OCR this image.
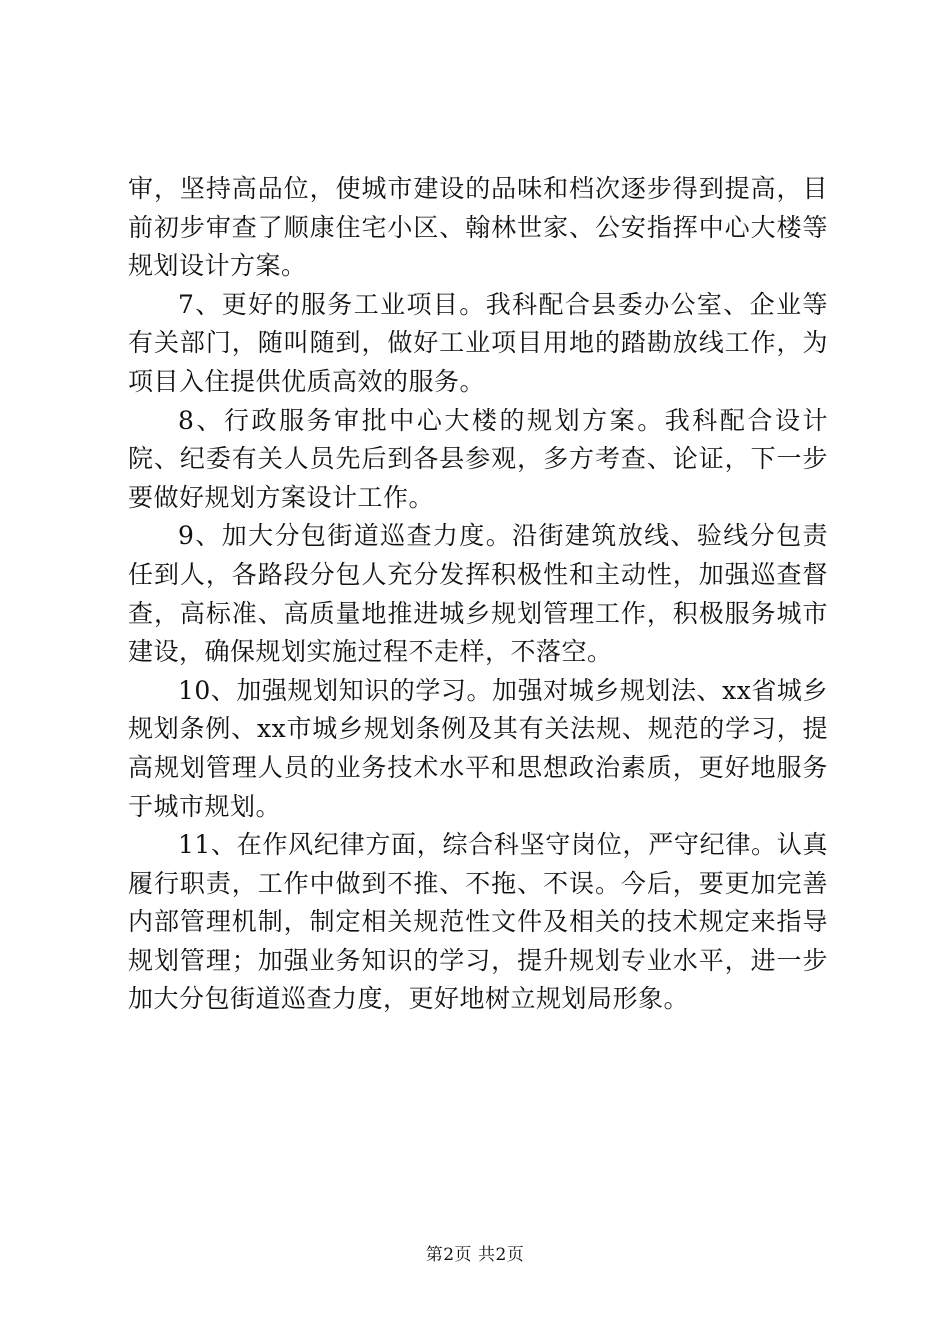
审，坚持高品位，使城市建设的品味和档次逐步得到提高，目前初步审查了顺康住宅小区、翰林世家、公安指挥中心大楼等规划设计方案。

7、更好的服务工业项目。我科配合县委办公室、企业等有关部门，随叫随到，做好工业项目用地的踏勘放线工作，为项目入住提供优质高效的服务。

8、行政服务审批中心大楼的规划方案。我科配合设计院、纪委有关人员先后到各县参观，多方考查、论证，下一步要做好规划方案设计工作。

9、加大分包街道巡查力度。沿街建筑放线、验线分包责任到人，各路段分包人充分发挥积极性和主动性，加强巡查督查，高标准、高质量地推进城乡规划管理工作，积极服务城市建设，确保规划实施过程不走样，不落空。

10、加强规划知识的学习。加强对城乡规划法、xx省城乡规划条例、xx市城乡规划条例及其有关法规、规范的学习，提高规划管理人员的业务技术水平和思想政治素质，更好地服务于城市规划。

11、在作风纪律方面，综合科坚守岗位，严守纪律。认真履行职责，工作中做到不推、不拖、不误。今后，要更加完善内部管理机制，制定相关规范性文件及相关的技术规定来指导规划管理；加强业务知识的学习，提升规划专业水平，进一步加大分包街道巡查力度，更好地树立规划局形象。

第2页 共2页
